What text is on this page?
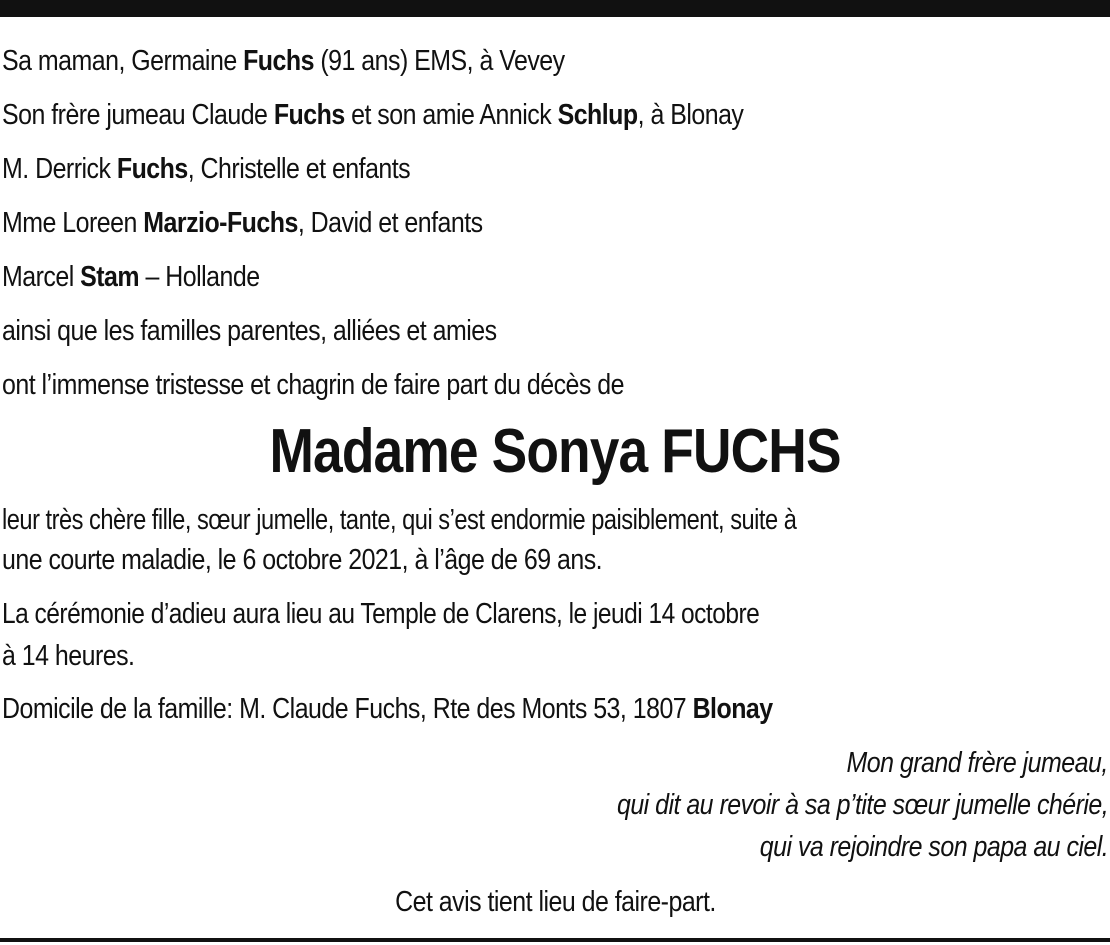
Sa maman, Germaine Fuchs (91 ans) EMS, à Vevey
Son frère jumeau Claude Fuchs et son amie Annick Schlup, à Blonay
M. Derrick Fuchs, Christelle et enfants
Mme Loreen Marzio-Fuchs, David et enfants
Marcel Stam – Hollande
ainsi que les familles parentes, alliées et amies
ont l’immense tristesse et chagrin de faire part du décès de
Madame Sonya FUCHS
leur très chère fille, sœur jumelle, tante, qui s’est endormie paisiblement, suite à
une courte maladie, le 6 octobre 2021, à l’âge de 69 ans.
La cérémonie d’adieu aura lieu au Temple de Clarens, le jeudi 14 octobre
à 14 heures.
Domicile de la famille: M. Claude Fuchs, Rte des Monts 53, 1807 Blonay
Mon grand frère jumeau,
qui dit au revoir à sa p’tite sœur jumelle chérie,
qui va rejoindre son papa au ciel.
Cet avis tient lieu de faire-part.
